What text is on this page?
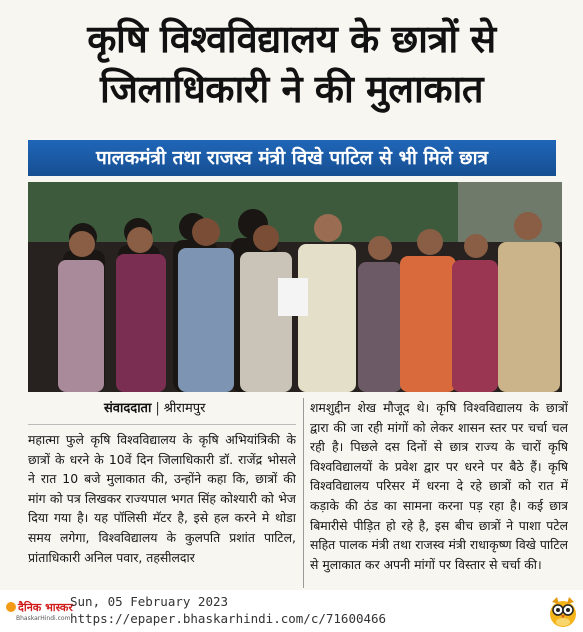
कृषि विश्वविद्यालय के छात्रों से
जिलाधिकारी ने की मुलाकात
पालकमंत्री तथा राजस्व मंत्री विखे पाटिल से भी मिले छात्र
संवाददाता | श्रीरामपुर
महात्मा फुले कृषि विश्वविद्यालय के कृषि अभियांत्रिकी के छात्रों के धरने के 10वें दिन जिलाधिकारी डॉ. राजेंद्र भोसले ने रात 10 बजे मुलाकात की, उन्होंने कहा कि, छात्रों की मांग को पत्र लिखकर राज्यपाल भगत सिंह कोश्यारी को भेज दिया गया है। यह पॉलिसी मॅटर है, इसे हल करने मे थोडा समय लगेगा, विश्वविद्यालय के कुलपति प्रशांत पाटिल, प्रांताधिकारी अनिल पवार, तहसीलदार
शमशुद्दीन शेख मौजूद थे। कृषि विश्वविद्यालय के छात्रों द्वारा की जा रही मांगों को लेकर शासन स्तर पर चर्चा चल रही है। पिछले दस दिनों से छात्र राज्य के चारों कृषि विश्वविद्यालयों के प्रवेश द्वार पर धरने पर बैठे हैं। कृषि विश्वविद्यालय परिसर में धरना दे रहे छात्रों को रात में कड़ाके की ठंड का सामना करना पड़ रहा है। कई छात्र बिमारीसे पीड़ित हो रहे है, इस बीच छात्रों ने पाशा पटेल सहित पालक मंत्री तथा राजस्व मंत्री राधाकृष्ण विखे पाटिल से मुलाकात कर अपनी मांगों पर विस्तार से चर्चा की।
दैनिक भास्कर
BhaskarHindi.com
Sun, 05 February 2023
https://epaper.bhaskarhindi.com/c/71600466
